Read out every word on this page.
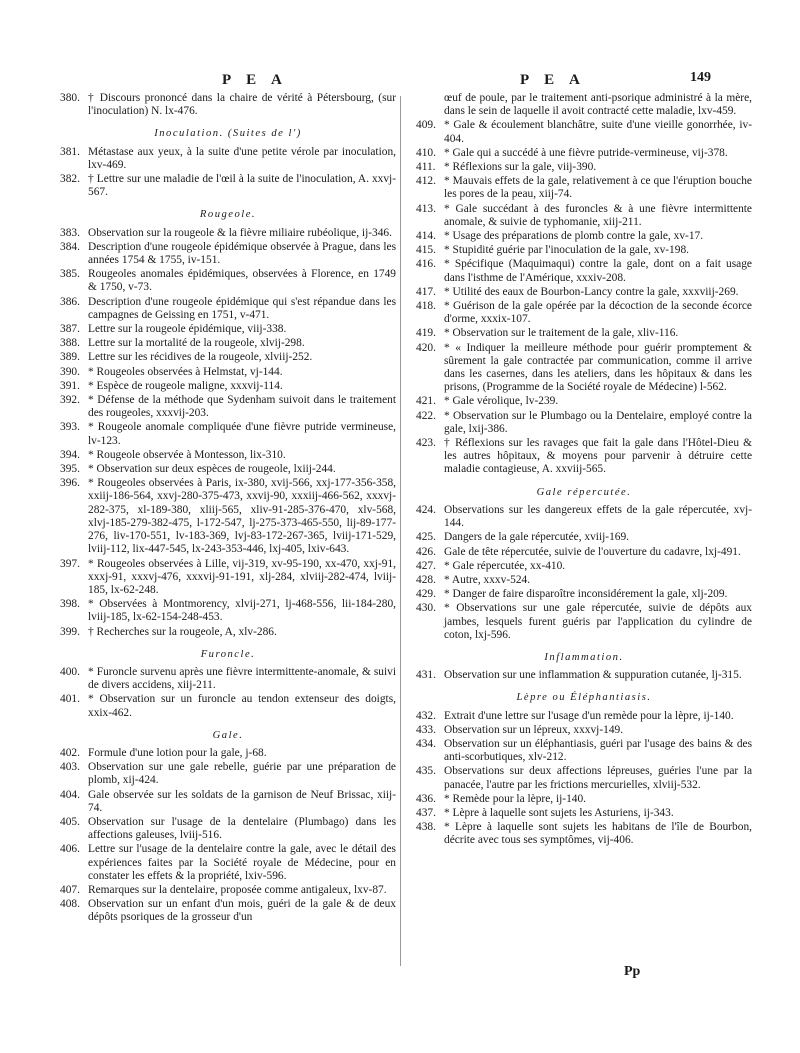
P E A	P E A	149
380. † Discours prononcé dans la chaire de vérité à Pétersbourg, (sur l'inoculation) N. lx-476.
Inoculation. (Suites de l')
381. Métastase aux yeux, à la suite d'une petite vérole par inoculation, lxv-469.
382. † Lettre sur une maladie de l'œil à la suite de l'inoculation, A. xxvj-567.
Rougeole.
383. Observation sur la rougeole & la fièvre miliaire rubéolique, ij-346.
384. Description d'une rougeole épidémique observée à Prague, dans les années 1754 & 1755, iv-151.
385. Rougeoles anomales épidémiques, observées à Florence, en 1749 & 1750, v-73.
386. Description d'une rougeole épidémique qui s'est répandue dans les campagnes de Geissing en 1751, v-471.
387. Lettre sur la rougeole épidémique, viij-338.
388. Lettre sur la mortalité de la rougeole, xlvij-298.
389. Lettre sur les récidives de la rougeole, xlviij-252.
390. * Rougeoles observées à Helmstat, vj-144.
391. * Espèce de rougeole maligne, xxxvij-114.
392. * Défense de la méthode que Sydenham suivoit dans le traitement des rougeoles, xxxvij-203.
393. * Rougeole anomale compliquée d'une fièvre putride vermineuse, lv-123.
394. * Rougeole observée à Montesson, lix-310.
395. * Observation sur deux espèces de rougeole, lxiij-244.
396. * Rougeoles observées à Paris, ix-380, xvij-566, xxj-177-356-358, xxiij-186-564, xxvj-280-375-473, xxvij-90, xxxiij-466-562, xxxvj-282-375, xl-189-380, xliij-565, xliv-91-285-376-470, xlv-568, xlvj-185-279-382-475, l-172-547, lj-275-373-465-550, lij-89-177-276, liv-170-551, lv-183-369, lvj-83-172-267-365, lviij-171-529, lviij-112, lix-447-545, lx-243-353-446, lxj-405, lxiv-643.
397. * Rougeoles observées à Lille, vij-319, xv-95-190, xx-470, xxj-91, xxxj-91, xxxvj-476, xxxvij-91-191, xlj-284, xlviij-282-474, lviij-185, lx-62-248.
398. * Observées à Montmorency, xlvij-271, lj-468-556, lii-184-280, lviij-185, lx-62-154-248-453.
399. † Recherches sur la rougeole, A, xlv-286.
Furoncle.
400. * Furoncle survenu après une fièvre intermittente-anomale, & suivi de divers accidens, xiij-211.
401. * Observation sur un furoncle au tendon extenseur des doigts, xxix-462.
Gale.
402. Formule d'une lotion pour la gale, j-68.
403. Observation sur une gale rebelle, guérie par une préparation de plomb, xij-424.
404. Gale observée sur les soldats de la garnison de Neuf Brissac, xiij-74.
405. Observation sur l'usage de la dentelaire (Plumbago) dans les affections galeuses, lviij-516.
406. Lettre sur l'usage de la dentelaire contre la gale, avec le détail des expériences faites par la Société royale de Médecine, pour en constater les effets & la propriété, lxiv-596.
407. Remarques sur la dentelaire, proposée comme antigaleux, lxv-87.
408. Observation sur un enfant d'un mois, guéri de la gale & de deux dépôts psoriques de la grosseur d'un
œuf de poule, par le traitement anti-psorique administré à la mère, dans le sein de laquelle il avoit contracté cette maladie, lxv-459.
409. * Gale & écoulement blanchâtre, suite d'une vieille gonorrhée, iv-404.
410. * Gale qui a succédé à une fièvre putride-vermineuse, vij-378.
411. * Réflexions sur la gale, viij-390.
412. * Mauvais effets de la gale, relativement à ce que l'éruption bouche les pores de la peau, xiij-74.
413. * Gale succédant à des furoncles & à une fièvre intermittente anomale, & suivie de typhomanie, xiij-211.
414. * Usage des préparations de plomb contre la gale, xv-17.
415. * Stupidité guérie par l'inoculation de la gale, xv-198.
416. * Spécifique (Maquimaqui) contre la gale, dont on a fait usage dans l'isthme de l'Amérique, xxxiv-208.
417. * Utilité des eaux de Bourbon-Lancy contre la gale, xxxviij-269.
418. * Guérison de la gale opérée par la décoction de la seconde écorce d'orme, xxxix-107.
419. * Observation sur le traitement de la gale, xliv-116.
420. * « Indiquer la meilleure méthode pour guérir promptement & sûrement la gale contractée par communication, comme il arrive dans les casernes, dans les ateliers, dans les hôpitaux & dans les prisons, (Programme de la Société royale de Médecine) l-562.
421. * Gale vérolique, lv-239.
422. * Observation sur le Plumbago ou la Dentelaire, employé contre la gale, lxij-386.
423. † Réflexions sur les ravages que fait la gale dans l'Hôtel-Dieu & les autres hôpitaux, & moyens pour parvenir à détruire cette maladie contagieuse, A. xxviij-565.
Gale répercutée.
424. Observations sur les dangereux effets de la gale répercutée, xvj-144.
425. Dangers de la gale répercutée, xviij-169.
426. Gale de tête répercutée, suivie de l'ouverture du cadavre, lxj-491.
427. * Gale répercutée, xx-410.
428. * Autre, xxxv-524.
429. * Danger de faire disparoître inconsidérement la gale, xlj-209.
430. * Observations sur une gale répercutée, suivie de dépôts aux jambes, lesquels furent guéris par l'application du cylindre de coton, lxj-596.
Inflammation.
431. Observation sur une inflammation & suppuration cutanée, lj-315.
Lèpre ou Éléphantiasis.
432. Extrait d'une lettre sur l'usage d'un remède pour la lèpre, ij-140.
433. Observation sur un lépreux, xxxvj-149.
434. Observation sur un éléphantiasis, guéri par l'usage des bains & des anti-scorbutiques, xlv-212.
435. Observations sur deux affections lépreuses, guéries l'une par la panacée, l'autre par les frictions mercurielles, xlviij-532.
436. * Remède pour la lèpre, ij-140.
437. * Lèpre à laquelle sont sujets les Asturiens, ij-343.
438. * Lèpre à laquelle sont sujets les habitans de l'île de Bourbon, décrite avec tous ses symptômes, vij-406.
Pp
